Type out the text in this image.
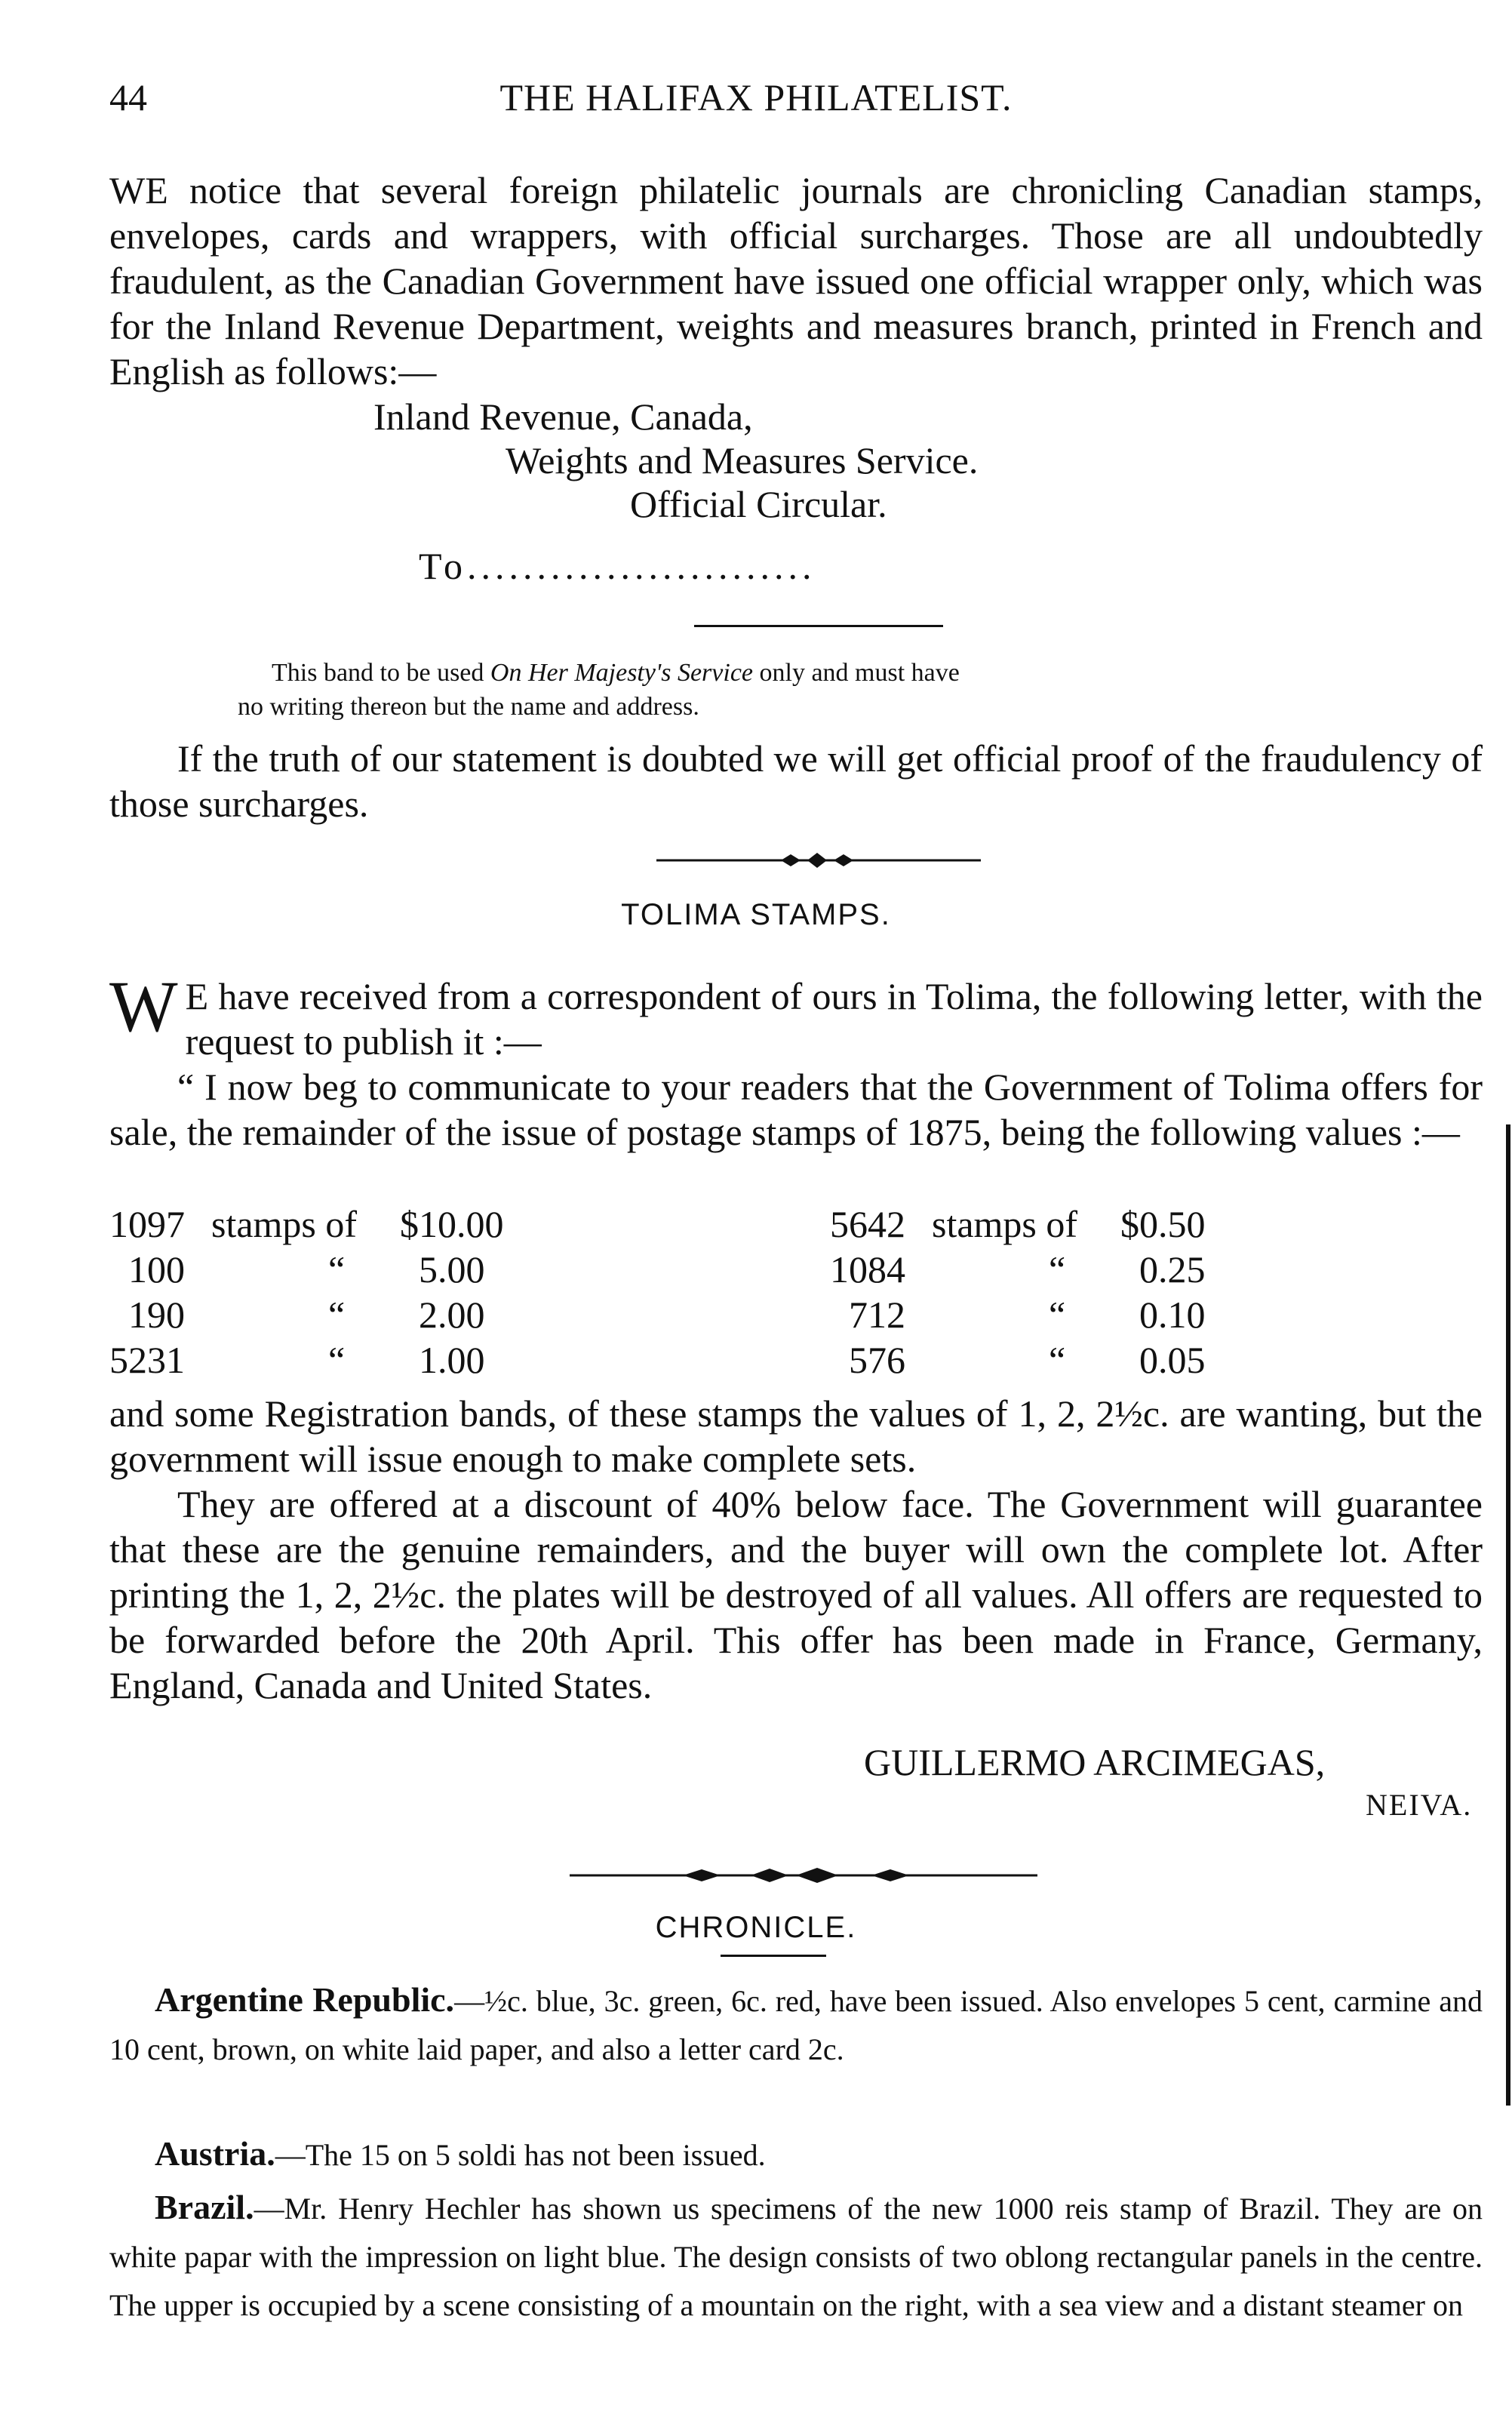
44	THE HALIFAX PHILATELIST.
WE notice that several foreign philatelic journals are chronicling Canadian stamps, envelopes, cards and wrappers, with official surcharges. Those are all undoubtedly fraudulent, as the Canadian Government have issued one official wrapper only, which was for the Inland Revenue Department, weights and measures branch, printed in French and English as follows:—
Inland Revenue, Canada,
Weights and Measures Service.
Official Circular.
To.........................
This band to be used On Her Majesty's Service only and must have
no writing thereon but the name and address.
If the truth of our statement is doubted we will get official proof of the fraudulency of those surcharges.
TOLIMA STAMPS.
W E have received from a correspondent of ours in Tolima, the following letter, with the request to publish it :—
“ I now beg to communicate to your readers that the Government of Tolima offers for sale, the remainder of the issue of postage stamps of 1875, being the following values :—
1097 stamps of $10.00
100	“ 5.00
190	“ 2.00
5231	“ 1.00
5642 stamps of $0.50
1084	“ 0.25
712	“ 0.10
576	“ 0.05
and some Registration bands, of these stamps the values of 1, 2, 2½c. are wanting, but the government will issue enough to make complete sets.
They are offered at a discount of 40% below face. The Government will guarantee that these are the genuine remainders, and the buyer will own the complete lot. After printing the 1, 2, 2½c. the plates will be destroyed of all values. All offers are requested to be forwarded before the 20th April. This offer has been made in France, Germany, England, Canada and United States.
GUILLERMO ARCIMEGAS,
NEIVA.
CHRONICLE.
Argentine Republic.—½c. blue, 3c. green, 6c. red, have been issued. Also envelopes 5 cent, carmine and 10 cent, brown, on white laid paper, and also a letter card 2c.
Austria.—The 15 on 5 soldi has not been issued.
Brazil.—Mr. Henry Hechler has shown us specimens of the new 1000 reis stamp of Brazil. They are on white papar with the impression on light blue. The design consists of two oblong rectangular panels in the centre. The upper is occupied by a scene consisting of a mountain on the right, with a sea view and a distant steamer on
